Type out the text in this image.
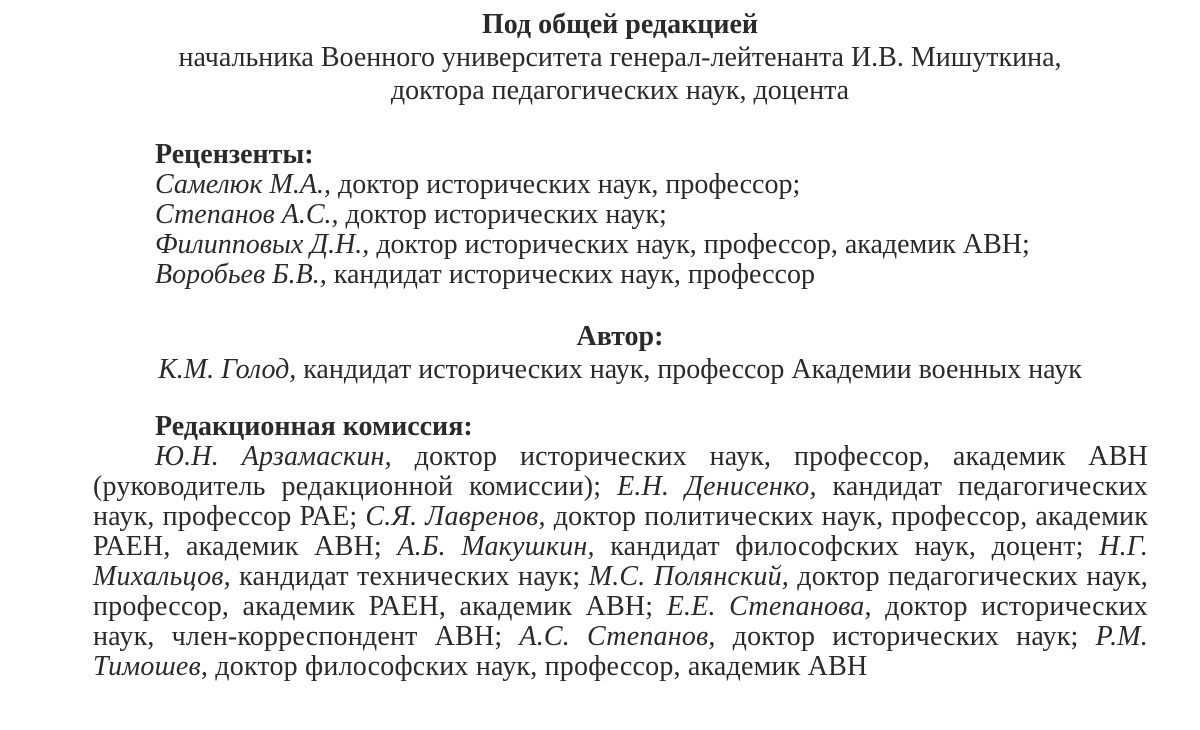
Под общей редакцией
начальника Военного университета генерал-лейтенанта И.В. Мишуткина,
доктора педагогических наук, доцента
Рецензенты:
Самелюк М.А., доктор исторических наук, профессор;
Степанов А.С., доктор исторических наук;
Филипповых Д.Н., доктор исторических наук, профессор, академик АВН;
Воробьев Б.В., кандидат исторических наук, профессор
Автор:
К.М. Голод, кандидат исторических наук, профессор Академии военных наук
Редакционная комиссия:
Ю.Н. Арзамаскин, доктор исторических наук, профессор, академик АВН (руководитель редакционной комиссии); Е.Н. Денисенко, кандидат педагогических наук, профессор РАЕ; С.Я. Лавренов, доктор политических наук, профессор, академик РАЕН, академик АВН; А.Б. Макушкин, кандидат философских наук, доцент; Н.Г. Михальцов, кандидат технических наук; М.С. Полянский, доктор педагогических наук, профессор, академик РАЕН, академик АВН; Е.Е. Степанова, доктор исторических наук, член-корреспондент АВН; А.С. Степанов, доктор исторических наук; Р.М. Тимошев, доктор философских наук, профессор, академик АВН
